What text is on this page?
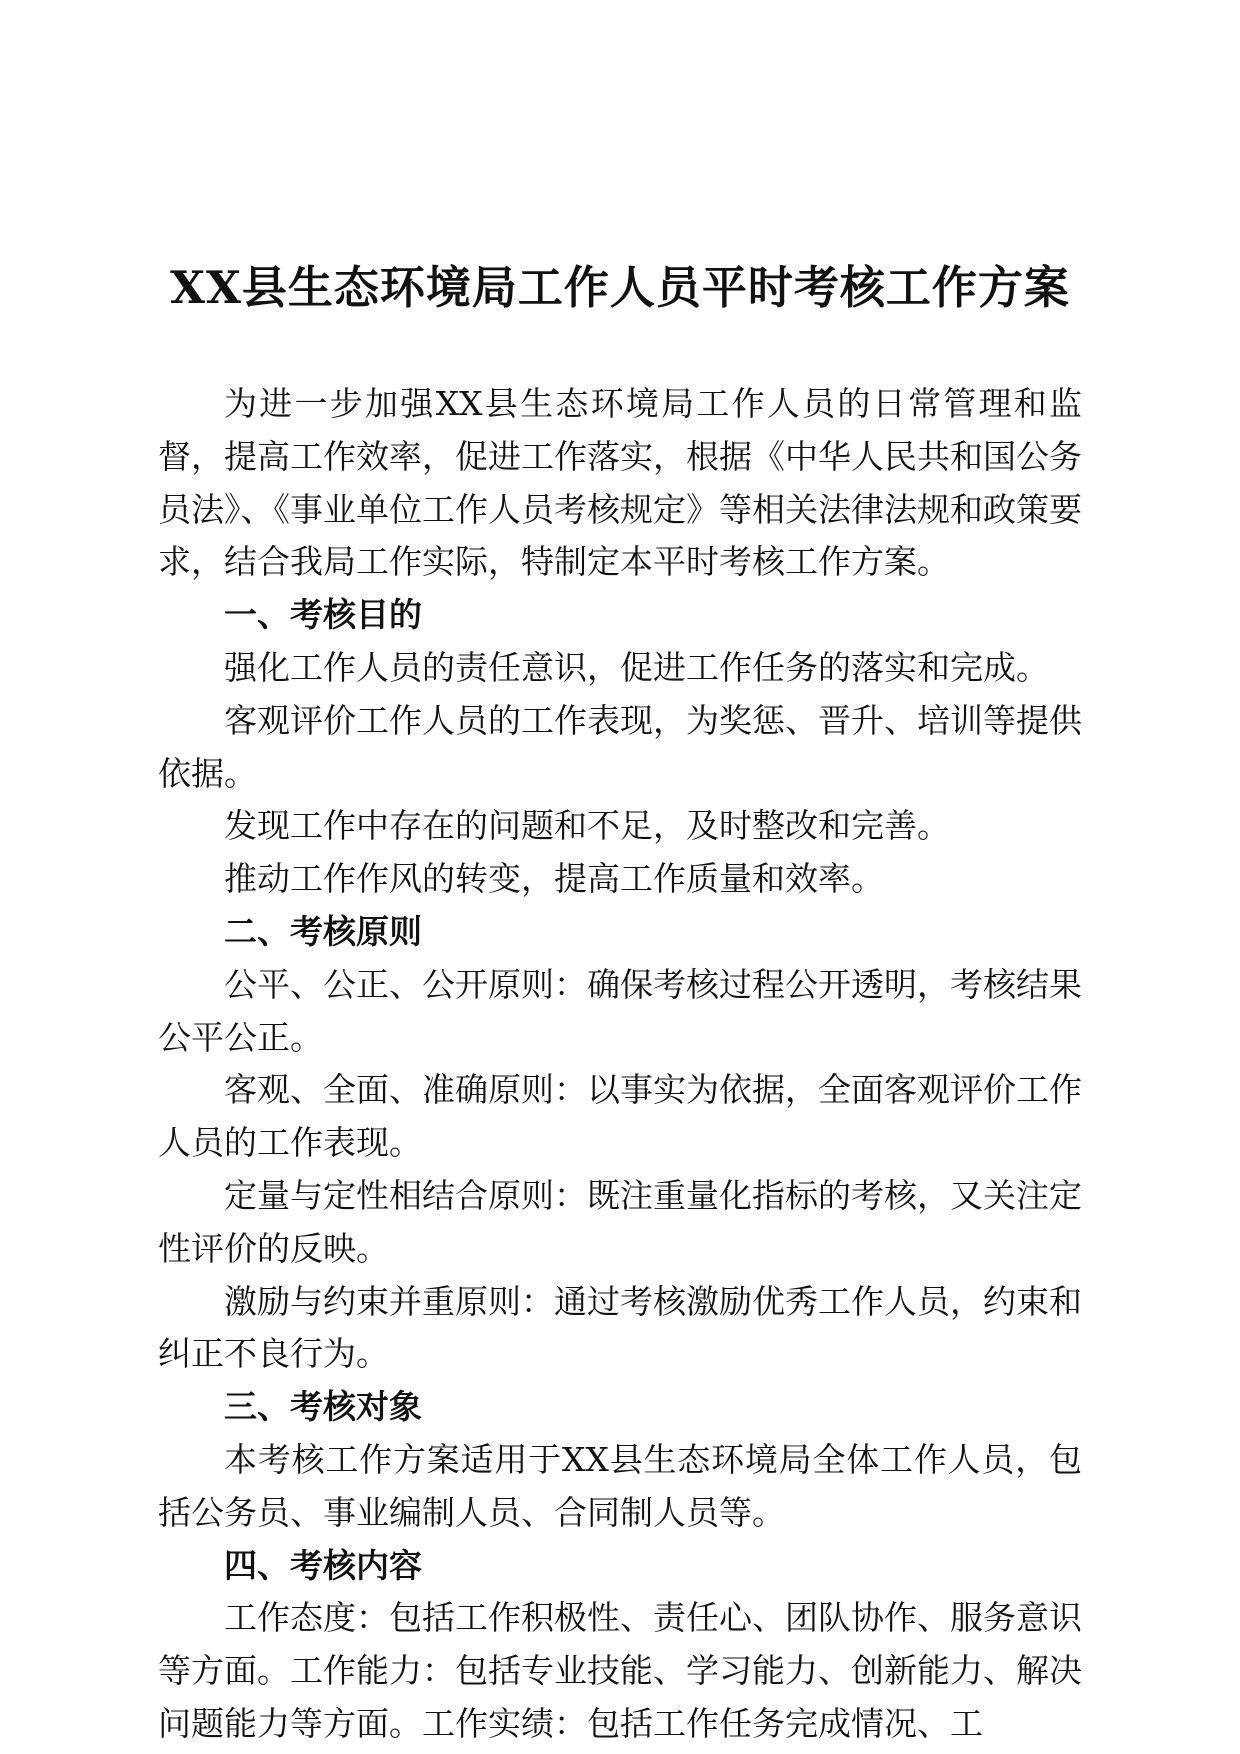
XX县生态环境局工作人员平时考核工作方案

为进一步加强XX县生态环境局工作人员的日常管理和监督，提高工作效率，促进工作落实，根据《中华人民共和国公务员法》、《事业单位工作人员考核规定》等相关法律法规和政策要求，结合我局工作实际，特制定本平时考核工作方案。

一、考核目的

强化工作人员的责任意识，促进工作任务的落实和完成。

客观评价工作人员的工作表现，为奖惩、晋升、培训等提供依据。

发现工作中存在的问题和不足，及时整改和完善。

推动工作作风的转变，提高工作质量和效率。

二、考核原则

公平、公正、公开原则：确保考核过程公开透明，考核结果公平公正。

客观、全面、准确原则：以事实为依据，全面客观评价工作人员的工作表现。

定量与定性相结合原则：既注重量化指标的考核，又关注定性评价的反映。

激励与约束并重原则：通过考核激励优秀工作人员，约束和纠正不良行为。

三、考核对象

本考核工作方案适用于XX县生态环境局全体工作人员，包括公务员、事业编制人员、合同制人员等。

四、考核内容

工作态度：包括工作积极性、责任心、团队协作、服务意识等方面。工作能力：包括专业技能、学习能力、创新能力、解决问题能力等方面。工作实绩：包括工作任务完成情况、工
